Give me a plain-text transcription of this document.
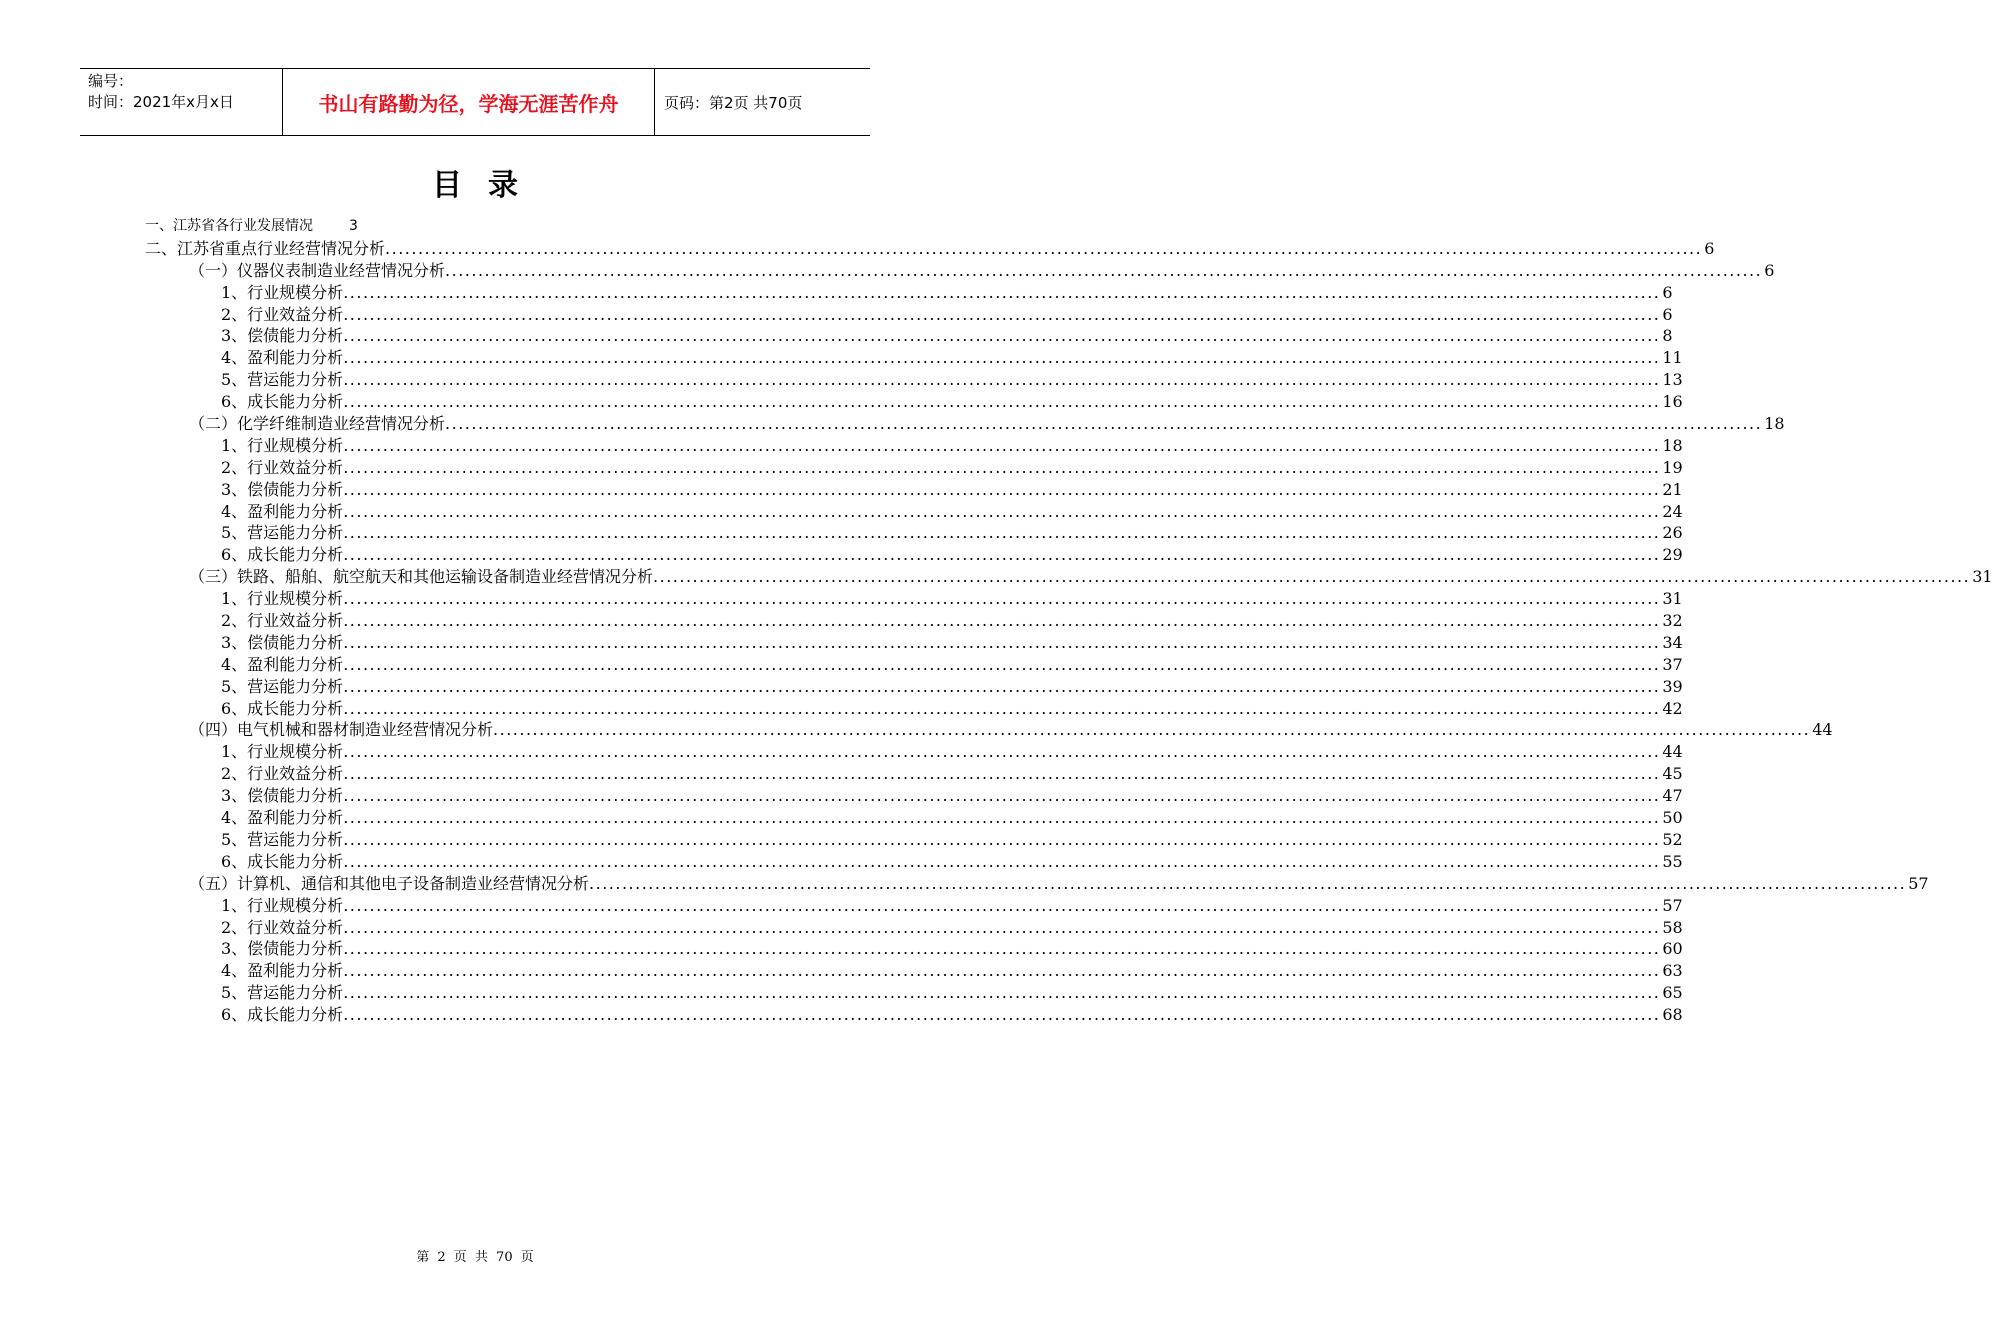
编号：
时间：2021年x月x日	书山有路勤为径，学海无涯苦作舟	页码：第2页 共70页
目录
一、江苏省各行业发展情况	3
二、江苏省重点行业经营情况分析 ........................................................................................................................................................................................................ 6
（一）仪器仪表制造业经营情况分析 ........................................................................................................................................................................................................ 6
1、行业规模分析 ........................................................................................................................................................................................................ 6
2、行业效益分析 ........................................................................................................................................................................................................ 6
3、偿债能力分析 ........................................................................................................................................................................................................ 8
4、盈利能力分析 ........................................................................................................................................................................................................ 11
5、营运能力分析 ........................................................................................................................................................................................................ 13
6、成长能力分析 ........................................................................................................................................................................................................ 16
（二）化学纤维制造业经营情况分析 ........................................................................................................................................................................................................ 18
1、行业规模分析 ........................................................................................................................................................................................................ 18
2、行业效益分析 ........................................................................................................................................................................................................ 19
3、偿债能力分析 ........................................................................................................................................................................................................ 21
4、盈利能力分析 ........................................................................................................................................................................................................ 24
5、营运能力分析 ........................................................................................................................................................................................................ 26
6、成长能力分析 ........................................................................................................................................................................................................ 29
（三）铁路、船舶、航空航天和其他运输设备制造业经营情况分析 ........................................................................................................................................................................................................ 31
1、行业规模分析 ........................................................................................................................................................................................................ 31
2、行业效益分析 ........................................................................................................................................................................................................ 32
3、偿债能力分析 ........................................................................................................................................................................................................ 34
4、盈利能力分析 ........................................................................................................................................................................................................ 37
5、营运能力分析 ........................................................................................................................................................................................................ 39
6、成长能力分析 ........................................................................................................................................................................................................ 42
（四）电气机械和器材制造业经营情况分析 ........................................................................................................................................................................................................ 44
1、行业规模分析 ........................................................................................................................................................................................................ 44
2、行业效益分析 ........................................................................................................................................................................................................ 45
3、偿债能力分析 ........................................................................................................................................................................................................ 47
4、盈利能力分析 ........................................................................................................................................................................................................ 50
5、营运能力分析 ........................................................................................................................................................................................................ 52
6、成长能力分析 ........................................................................................................................................................................................................ 55
（五）计算机、通信和其他电子设备制造业经营情况分析 ........................................................................................................................................................................................................ 57
1、行业规模分析 ........................................................................................................................................................................................................ 57
2、行业效益分析 ........................................................................................................................................................................................................ 58
3、偿债能力分析 ........................................................................................................................................................................................................ 60
4、盈利能力分析 ........................................................................................................................................................................................................ 63
5、营运能力分析 ........................................................................................................................................................................................................ 65
6、成长能力分析 ........................................................................................................................................................................................................ 68
第 2 页 共 70 页
